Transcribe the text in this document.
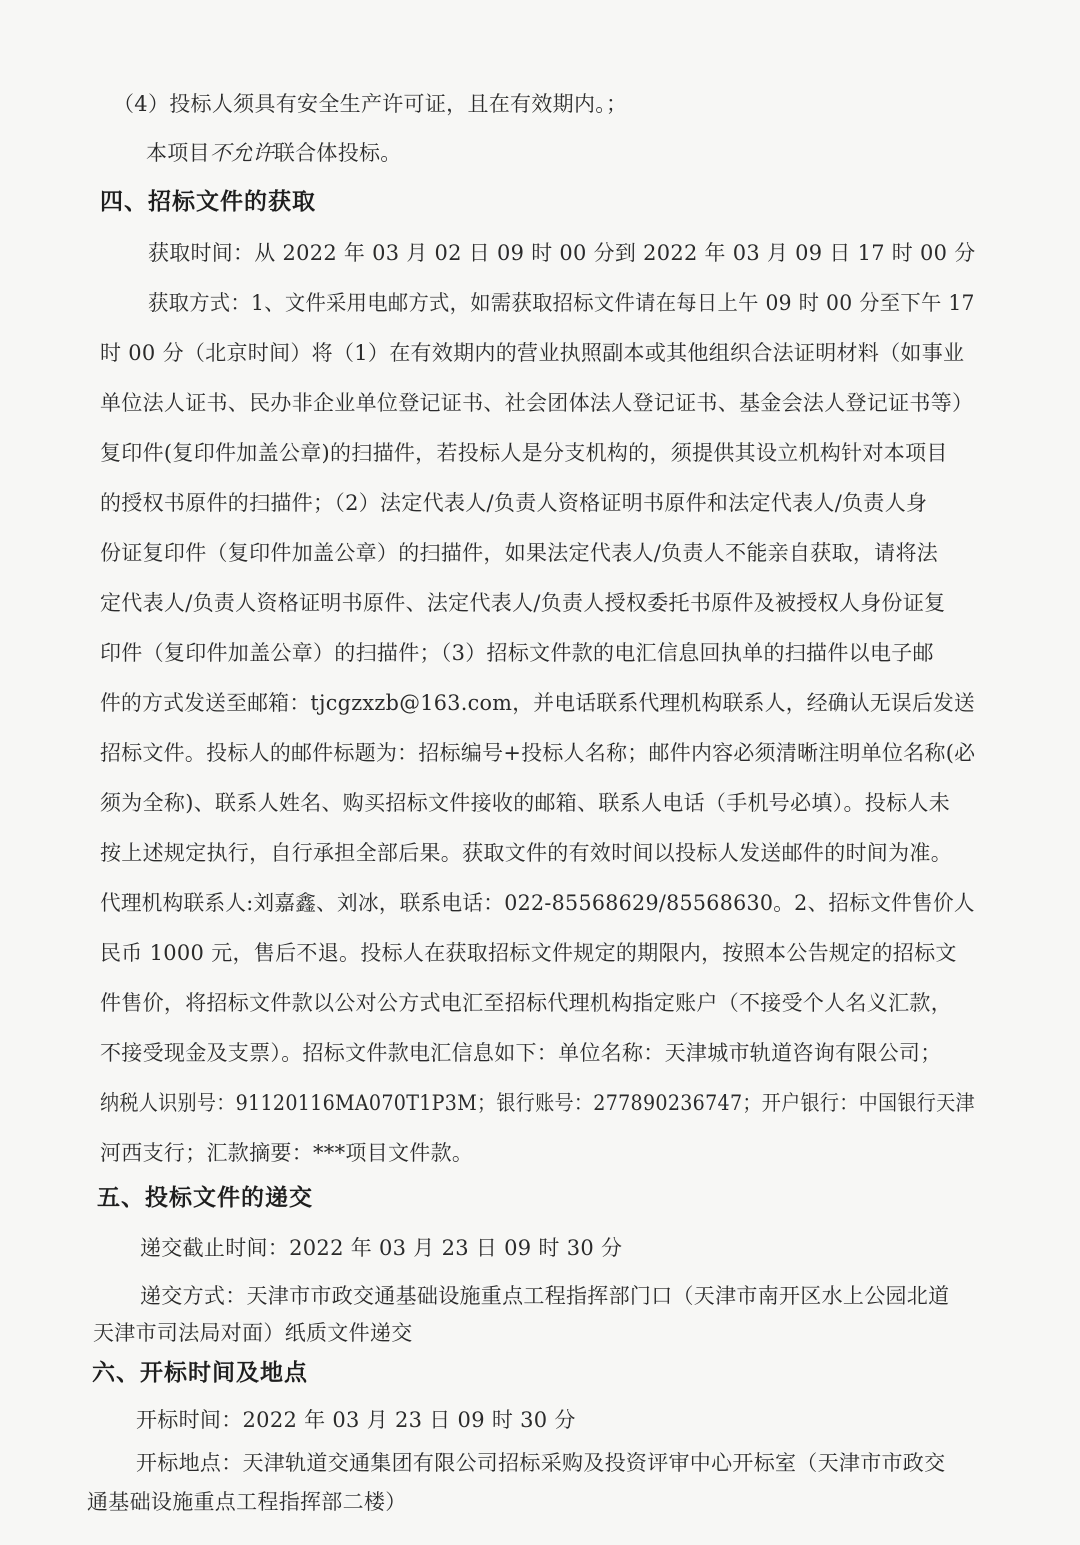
（4）投标人须具有安全生产许可证，且在有效期内。；

本项目不允许联合体投标。

四、招标文件的获取

获取时间：从 2022 年 03 月 02 日 09 时 00 分到 2022 年 03 月 09 日 17 时 00 分

获取方式：1、文件采用电邮方式，如需获取招标文件请在每日上午 09 时 00 分至下午 17

时 00 分（北京时间）将（1）在有效期内的营业执照副本或其他组织合法证明材料（如事业

单位法人证书、民办非企业单位登记证书、社会团体法人登记证书、基金会法人登记证书等）

复印件(复印件加盖公章)的扫描件，若投标人是分支机构的，须提供其设立机构针对本项目

的授权书原件的扫描件；（2）法定代表人/负责人资格证明书原件和法定代表人/负责人身

份证复印件（复印件加盖公章）的扫描件，如果法定代表人/负责人不能亲自获取，请将法

定代表人/负责人资格证明书原件、法定代表人/负责人授权委托书原件及被授权人身份证复

印件（复印件加盖公章）的扫描件；（3）招标文件款的电汇信息回执单的扫描件以电子邮

件的方式发送至邮箱：tjcgzxzb@163.com，并电话联系代理机构联系人，经确认无误后发送

招标文件。投标人的邮件标题为：招标编号+投标人名称；邮件内容必须清晰注明单位名称(必

须为全称)、联系人姓名、购买招标文件接收的邮箱、联系人电话（手机号必填）。投标人未

按上述规定执行，自行承担全部后果。获取文件的有效时间以投标人发送邮件的时间为准。

代理机构联系人:刘嘉鑫、刘冰，联系电话：022-85568629/85568630。2、招标文件售价人

民币 1000 元，售后不退。投标人在获取招标文件规定的期限内，按照本公告规定的招标文

件售价，将招标文件款以公对公方式电汇至招标代理机构指定账户（不接受个人名义汇款，

不接受现金及支票）。招标文件款电汇信息如下：单位名称：天津城市轨道咨询有限公司；

纳税人识别号：91120116MA070T1P3M；银行账号：277890236747；开户银行：中国银行天津

河西支行；汇款摘要：***项目文件款。

五、投标文件的递交

递交截止时间：2022 年 03 月 23 日 09 时 30 分

递交方式：天津市市政交通基础设施重点工程指挥部门口（天津市南开区水上公园北道

天津市司法局对面）纸质文件递交

六、开标时间及地点

开标时间：2022 年 03 月 23 日 09 时 30 分

开标地点：天津轨道交通集团有限公司招标采购及投资评审中心开标室（天津市市政交

通基础设施重点工程指挥部二楼）
